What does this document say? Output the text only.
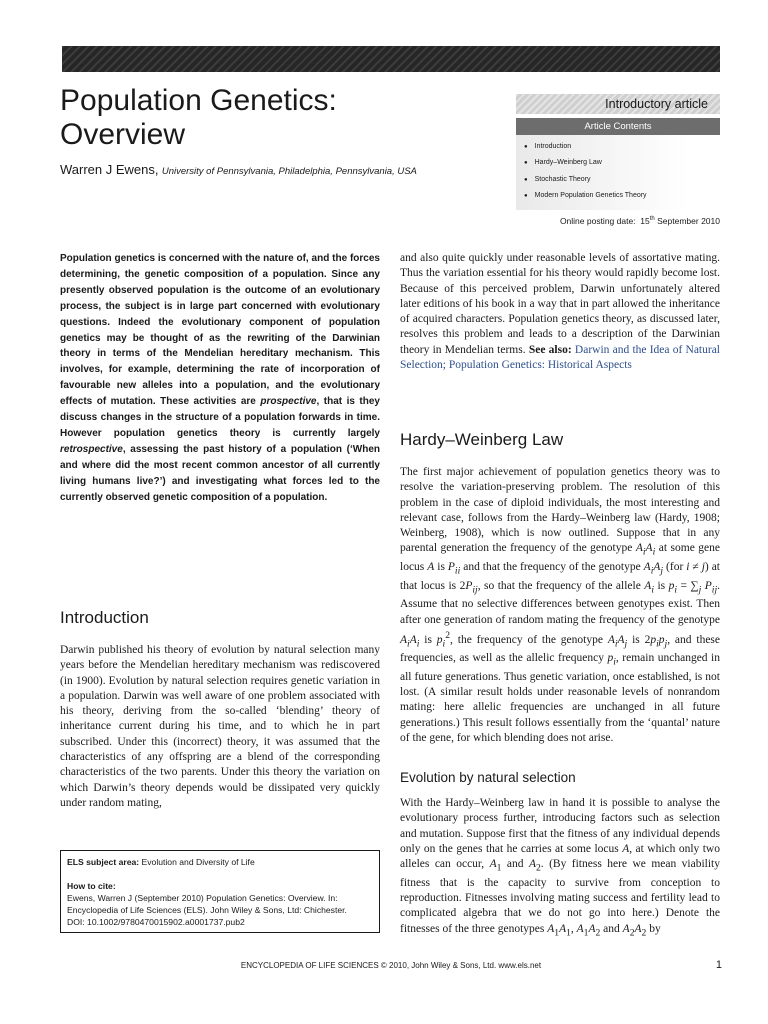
Population Genetics:
Overview
Warren J Ewens, University of Pennsylvania, Philadelphia, Pennsylvania, USA
Introductory article
Article Contents
● Introduction
● Hardy–Weinberg Law
● Stochastic Theory
● Modern Population Genetics Theory
Online posting date: 15th September 2010

Population genetics is concerned with the nature of, and the forces determining, the genetic composition of a population. Since any presently observed population is the outcome of an evolutionary process, the subject is in large part concerned with evolutionary questions. Indeed the evolutionary component of population genetics may be thought of as the rewriting of the Darwinian theory in terms of the Mendelian hereditary mechanism. This involves, for example, determining the rate of incorporation of favourable new alleles into a population, and the evolutionary effects of mutation. These activities are prospective, that is they discuss changes in the structure of a population forwards in time. However population genetics theory is currently largely retrospective, assessing the past history of a population (‘When and where did the most recent common ancestor of all currently living humans live?’) and investigating what forces led to the currently observed genetic composition of a population.

Introduction

Darwin published his theory of evolution by natural selection many years before the Mendelian hereditary mechanism was rediscovered (in 1900). Evolution by natural selection requires genetic variation in a population. Darwin was well aware of one problem associated with his theory, deriving from the so-called ‘blending’ theory of inheritance current during his time, and to which he in part subscribed. Under this (incorrect) theory, it was assumed that the characteristics of any offspring are a blend of the corresponding characteristics of the two parents. Under this theory the variation on which Darwin’s theory depends would be dissipated very quickly under random mating,

and also quite quickly under reasonable levels of assortative mating. Thus the variation essential for his theory would rapidly become lost. Because of this perceived problem, Darwin unfortunately altered later editions of his book in a way that in part allowed the inheritance of acquired characters. Population genetics theory, as discussed later, resolves this problem and leads to a description of the Darwinian theory in Mendelian terms. See also: Darwin and the Idea of Natural Selection; Population Genetics: Historical Aspects

Hardy–Weinberg Law

The first major achievement of population genetics theory was to resolve the variation-preserving problem. The resolution of this problem in the case of diploid individuals, the most interesting and relevant case, follows from the Hardy–Weinberg law (Hardy, 1908; Weinberg, 1908), which is now outlined. Suppose that in any parental generation the frequency of the genotype $A_iA_i$ at some gene locus A is $P_{ii}$ and that the frequency of the genotype $A_iA_j$ (for i ≠ j) at that locus is $2P_{ij}$, so that the frequency of the allele $A_i$ is $p_i = \sum_j$ $P_{ij}$. Assume that no selective differences between genotypes exist. Then after one generation of random mating the frequency of the genotype $A_iA_i$ is $p_i^2$, the frequency of the genotype $A_iA_j$ is $2p_ip_j$, and these frequencies, as well as the allelic frequency $p_i$, remain unchanged in all future generations. Thus genetic variation, once established, is not lost. (A similar result holds under reasonable levels of nonrandom mating: here allelic frequencies are unchanged in all future generations.) This result follows essentially from the ‘quantal’ nature of the gene, for which blending does not arise.

Evolution by natural selection

With the Hardy–Weinberg law in hand it is possible to analyse the evolutionary process further, introducing factors such as selection and mutation. Suppose first that the fitness of any individual depends only on the genes that he carries at some locus A, at which only two alleles can occur, $A_1$ and $A_2$. (By fitness here we mean viability fitness that is the capacity to survive from conception to reproduction. Fitnesses involving mating success and fertility lead to complicated algebra that we do not go into here.) Denote the fitnesses of the three genotypes $A_1A_1$, $A_1A_2$ and $A_2A_2$ by

ELS subject area: Evolution and Diversity of Life

How to cite:

Ewens, Warren J (September 2010) Population Genetics: Overview. In: Encyclopedia of Life Sciences (ELS). John Wiley & Sons, Ltd: Chichester.

DOI: 10.1002/9780470015902.a0001737.pub2

ENCYCLOPEDIA OF LIFE SCIENCES © 2010, John Wiley & Sons, Ltd. www.els.net	1
